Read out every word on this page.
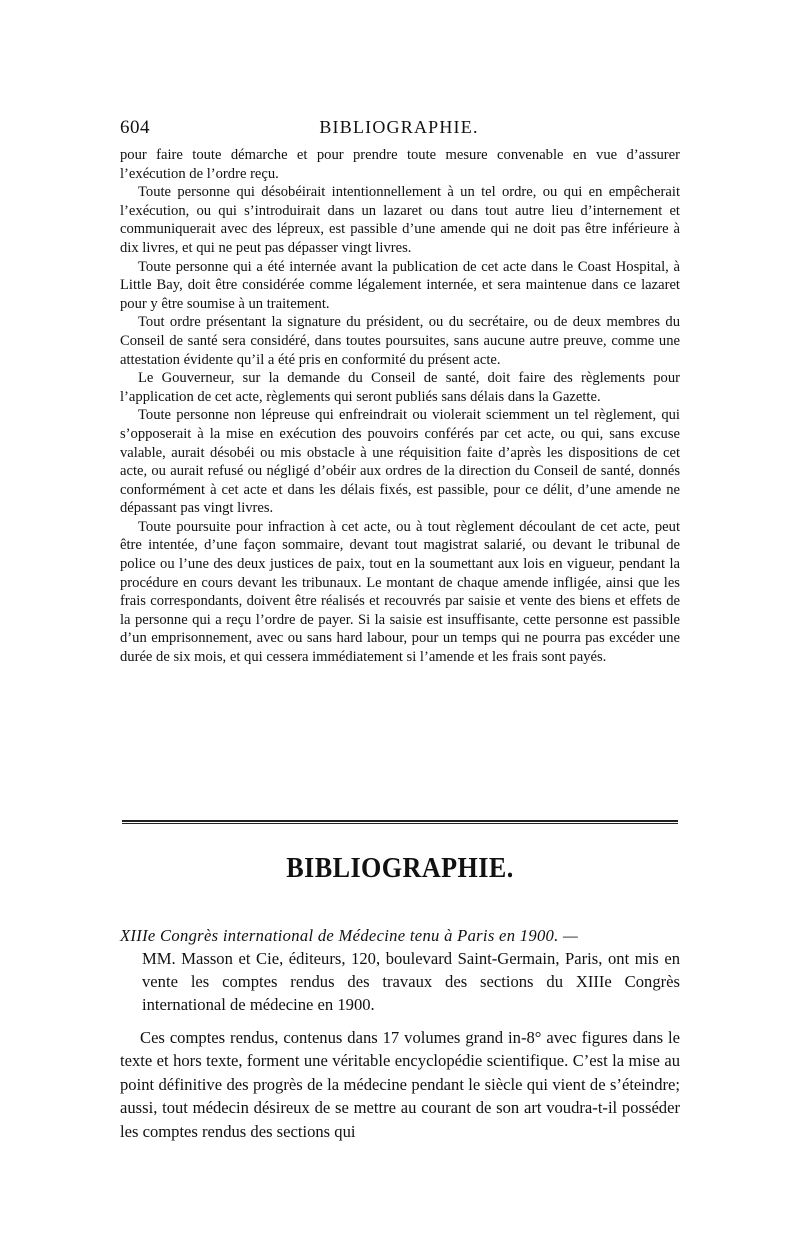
604	BIBLIOGRAPHIE.

pour faire toute démarche et pour prendre toute mesure convenable en vue d’assurer l’exécution de l’ordre reçu.

Toute personne qui désobéirait intentionnellement à un tel ordre, ou qui en empêcherait l’exécution, ou qui s’introduirait dans un lazaret ou dans tout autre lieu d’internement et communiquerait avec des lépreux, est passible d’une amende qui ne doit pas être inférieure à dix livres, et qui ne peut pas dépasser vingt livres.

Toute personne qui a été internée avant la publication de cet acte dans le Coast Hospital, à Little Bay, doit être considérée comme légalement internée, et sera maintenue dans ce lazaret pour y être soumise à un traitement.

Tout ordre présentant la signature du président, ou du secrétaire, ou de deux membres du Conseil de santé sera considéré, dans toutes poursuites, sans aucune autre preuve, comme une attestation évidente qu’il a été pris en conformité du présent acte.

Le Gouverneur, sur la demande du Conseil de santé, doit faire des règlements pour l’application de cet acte, règlements qui seront publiés sans délais dans la Gazette.

Toute personne non lépreuse qui enfreindrait ou violerait sciemment un tel règlement, qui s’opposerait à la mise en exécution des pouvoirs conférés par cet acte, ou qui, sans excuse valable, aurait désobéi ou mis obstacle à une réquisition faite d’après les dispositions de cet acte, ou aurait refusé ou négligé d’obéir aux ordres de la direction du Conseil de santé, donnés conformément à cet acte et dans les délais fixés, est passible, pour ce délit, d’une amende ne dépassant pas vingt livres.

Toute poursuite pour infraction à cet acte, ou à tout règlement découlant de cet acte, peut être intentée, d’une façon sommaire, devant tout magistrat salarié, ou devant le tribunal de police ou l’une des deux justices de paix, tout en la soumettant aux lois en vigueur, pendant la procédure en cours devant les tribunaux. Le montant de chaque amende infligée, ainsi que les frais correspondants, doivent être réalisés et recouvrés par saisie et vente des biens et effets de la personne qui a reçu l’ordre de payer. Si la saisie est insuffisante, cette personne est passible d’un emprisonnement, avec ou sans hard labour, pour un temps qui ne pourra pas excéder une durée de six mois, et qui cessera immédiatement si l’amende et les frais sont payés.

BIBLIOGRAPHIE.

XIIIe Congrès international de Médecine tenu à Paris en 1900. —

MM. Masson et Cie, éditeurs, 120, boulevard Saint-Germain, Paris, ont mis en vente les comptes rendus des travaux des sections du XIIIe Congrès international de médecine en 1900.

Ces comptes rendus, contenus dans 17 volumes grand in-8° avec figures dans le texte et hors texte, forment une véritable encyclopédie scientifique. C’est la mise au point définitive des progrès de la médecine pendant le siècle qui vient de s’éteindre; aussi, tout médecin désireux de se mettre au courant de son art voudra-t-il posséder les comptes rendus des sections qui
